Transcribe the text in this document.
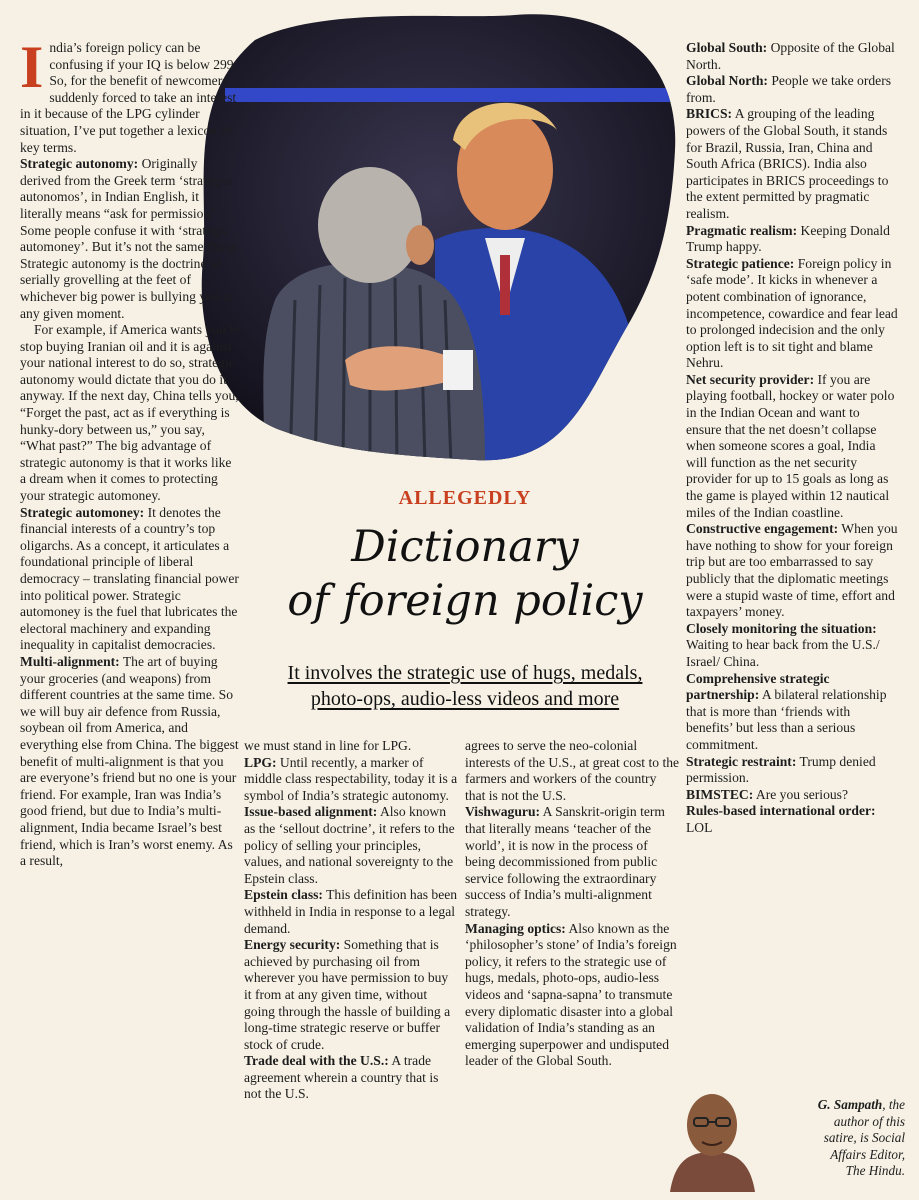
ALLEGEDLY
Dictionary
of foreign policy
It involves the strategic use of hugs, medals,
photo-ops, audio-less videos and more

India’s foreign policy can be confusing if your IQ is below 299. So, for the benefit of newcomers suddenly forced to take an interest in it because of the LPG cylinder situation, I’ve put together a lexicon of key terms.

Strategic autonomy: Originally derived from the Greek term ‘stratogos autonomos’, in Indian English, it literally means “ask for permission”. Some people confuse it with ‘strategic automoney’. But it’s not the same thing. Strategic autonomy is the doctrine of serially grovelling at the feet of whichever big power is bullying you at any given moment.

For example, if America wants you to stop buying Iranian oil and it is against your national interest to do so, strategic autonomy would dictate that you do it anyway. If the next day, China tells you, “Forget the past, act as if everything is hunky-dory between us,” you say, “What past?” The big advantage of strategic autonomy is that it works like a dream when it comes to protecting your strategic automoney.

Strategic automoney: It denotes the financial interests of a country’s top oligarchs. As a concept, it articulates a foundational principle of liberal democracy – translating financial power into political power. Strategic automoney is the fuel that lubricates the electoral machinery and expanding inequality in capitalist democracies.

Multi-alignment: The art of buying your groceries (and weapons) from different countries at the same time. So we will buy air defence from Russia, soybean oil from America, and everything else from China. The biggest benefit of multi-alignment is that you are everyone’s friend but no one is your friend. For example, Iran was India’s good friend, but due to India’s multi-alignment, India became Israel’s best friend, which is Iran’s worst enemy. As a result,

we must stand in line for LPG.

LPG: Until recently, a marker of middle class respectability, today it is a symbol of India’s strategic autonomy.

Issue-based alignment: Also known as the ‘sellout doctrine’, it refers to the policy of selling your principles, values, and national sovereignty to the Epstein class.

Epstein class: This definition has been withheld in India in response to a legal demand.

Energy security: Something that is achieved by purchasing oil from wherever you have permission to buy it from at any given time, without going through the hassle of building a long-time strategic reserve or buffer stock of crude.

Trade deal with the U.S.: A trade agreement wherein a country that is not the U.S.

agrees to serve the neo-colonial interests of the U.S., at great cost to the farmers and workers of the country that is not the U.S.

Vishwaguru: A Sanskrit-origin term that literally means ‘teacher of the world’, it is now in the process of being decommissioned from public service following the extraordinary success of India’s multi-alignment strategy.

Managing optics: Also known as the ‘philosopher’s stone’ of India’s foreign policy, it refers to the strategic use of hugs, medals, photo-ops, audio-less videos and ‘sapna-sapna’ to transmute every diplomatic disaster into a global validation of India’s standing as an emerging superpower and undisputed leader of the Global South.

Global South: Opposite of the Global North.

Global North: People we take orders from.

BRICS: A grouping of the leading powers of the Global South, it stands for Brazil, Russia, Iran, China and South Africa (BRICS). India also participates in BRICS proceedings to the extent permitted by pragmatic realism.

Pragmatic realism: Keeping Donald Trump happy.

Strategic patience: Foreign policy in ‘safe mode’. It kicks in whenever a potent combination of ignorance, incompetence, cowardice and fear lead to prolonged indecision and the only option left is to sit tight and blame Nehru.

Net security provider: If you are playing football, hockey or water polo in the Indian Ocean and want to ensure that the net doesn’t collapse when someone scores a goal, India will function as the net security provider for up to 15 goals as long as the game is played within 12 nautical miles of the Indian coastline.

Constructive engagement: When you have nothing to show for your foreign trip but are too embarrassed to say publicly that the diplomatic meetings were a stupid waste of time, effort and taxpayers’ money.

Closely monitoring the situation: Waiting to hear back from the U.S./ Israel/ China.

Comprehensive strategic partnership: A bilateral relationship that is more than ‘friends with benefits’ but less than a serious commitment.

Strategic restraint: Trump denied permission.

BIMSTEC: Are you serious?

Rules-based international order: LOL

G. Sampath, the
author of this
satire, is Social
Affairs Editor,
The Hindu.
